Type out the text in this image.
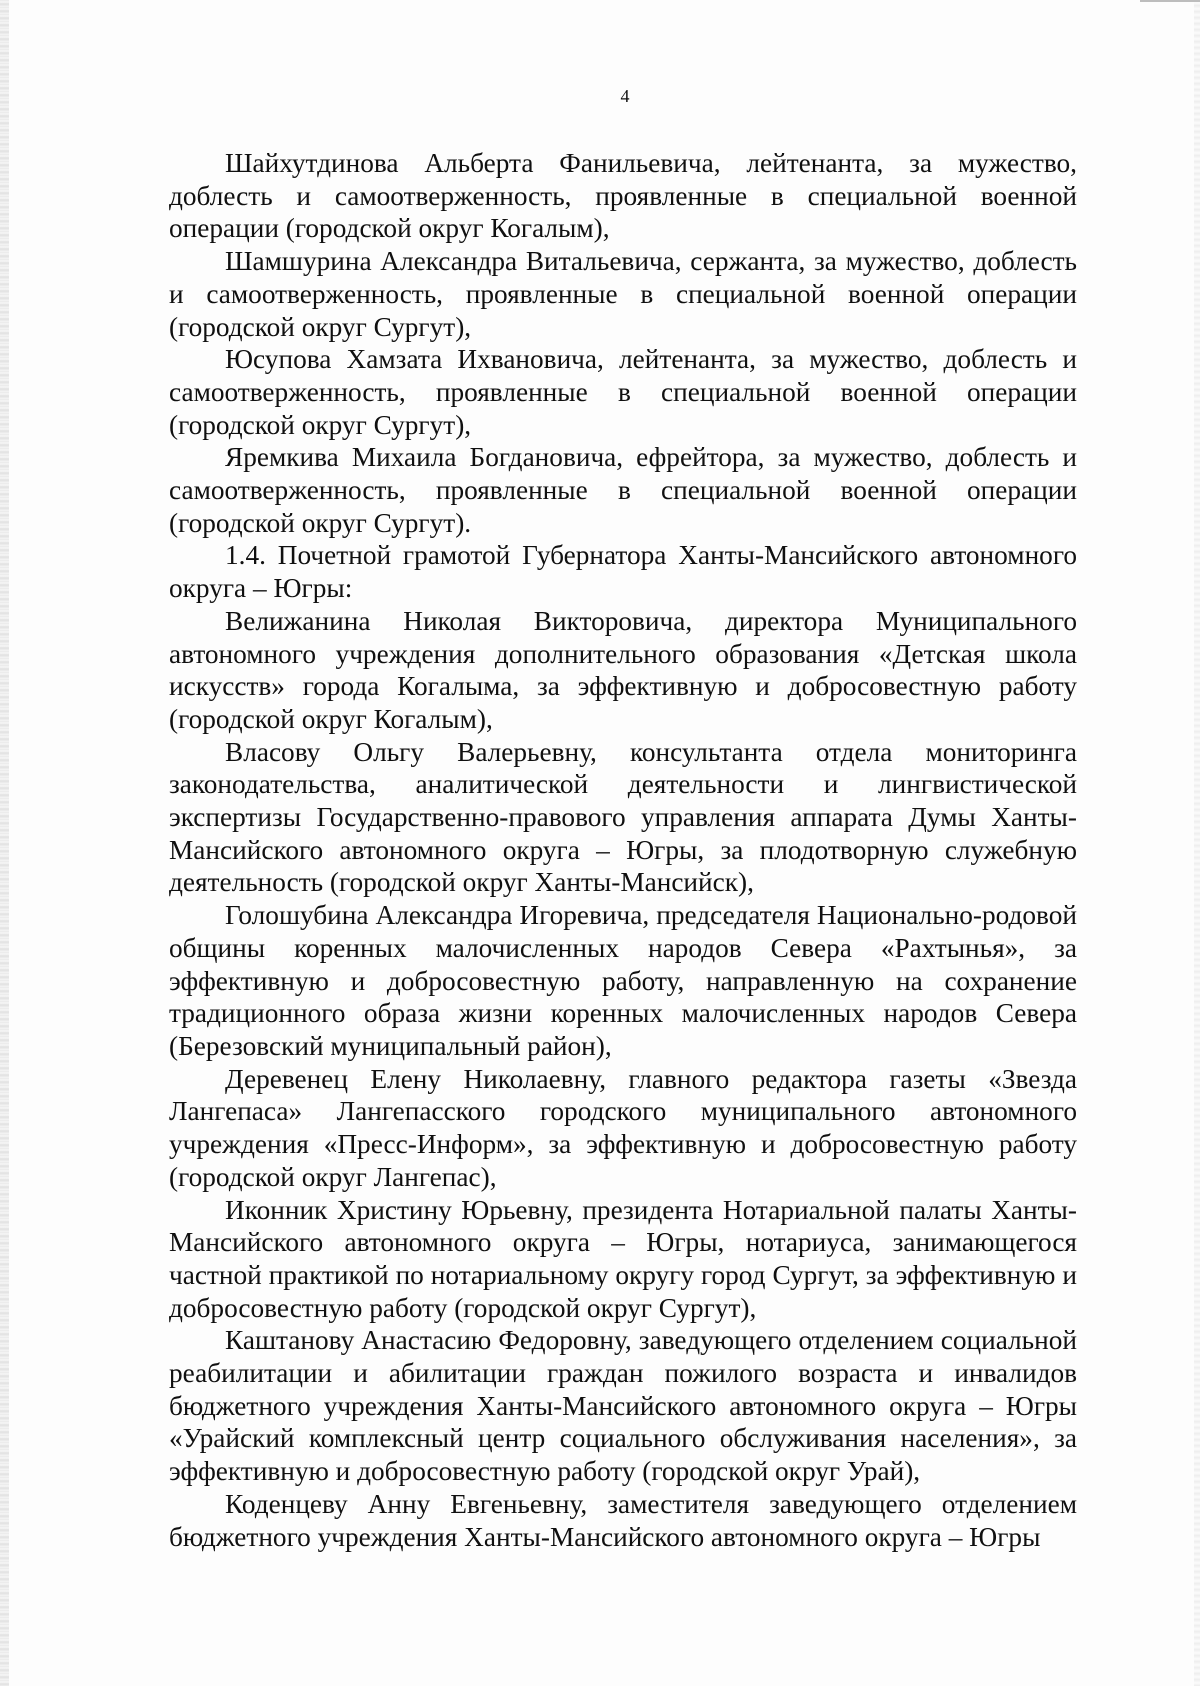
4

Шайхутдинова Альберта Фанильевича, лейтенанта, за мужество, доблесть и самоотверженность, проявленные в специальной военной операции (городской округ Когалым),

Шамшурина Александра Витальевича, сержанта, за мужество, доблесть и самоотверженность, проявленные в специальной военной операции (городской округ Сургут),

Юсупова Хамзата Ихвановича, лейтенанта, за мужество, доблесть и самоотверженность, проявленные в специальной военной операции (городской округ Сургут),

Яремкива Михаила Богдановича, ефрейтора, за мужество, доблесть и самоотверженность, проявленные в специальной военной операции (городской округ Сургут).

1.4. Почетной грамотой Губернатора Ханты-Мансийского автономного округа – Югры:

Велижанина Николая Викторовича, директора Муниципального автономного учреждения дополнительного образования «Детская школа искусств» города Когалыма, за эффективную и добросовестную работу (городской округ Когалым),

Власову Ольгу Валерьевну, консультанта отдела мониторинга законодательства, аналитической деятельности и лингвистической экспертизы Государственно-правового управления аппарата Думы Ханты-Мансийского автономного округа – Югры, за плодотворную служебную деятельность (городской округ Ханты-Мансийск),

Голошубина Александра Игоревича, председателя Национально-родовой общины коренных малочисленных народов Севера «Рахтынья», за эффективную и добросовестную работу, направленную на сохранение традиционного образа жизни коренных малочисленных народов Севера (Березовский муниципальный район),

Деревенец Елену Николаевну, главного редактора газеты «Звезда Лангепаса» Лангепасского городского муниципального автономного учреждения «Пресс-Информ», за эффективную и добросовестную работу (городской округ Лангепас),

Иконник Христину Юрьевну, президента Нотариальной палаты Ханты-Мансийского автономного округа – Югры, нотариуса, занимающегося частной практикой по нотариальному округу город Сургут, за эффективную и добросовестную работу (городской округ Сургут),

Каштанову Анастасию Федоровну, заведующего отделением социальной реабилитации и абилитации граждан пожилого возраста и инвалидов бюджетного учреждения Ханты-Мансийского автономного округа – Югры «Урайский комплексный центр социального обслуживания населения», за эффективную и добросовестную работу (городской округ Урай),

Коденцеву Анну Евгеньевну, заместителя заведующего отделением бюджетного учреждения Ханты-Мансийского автономного округа – Югры
